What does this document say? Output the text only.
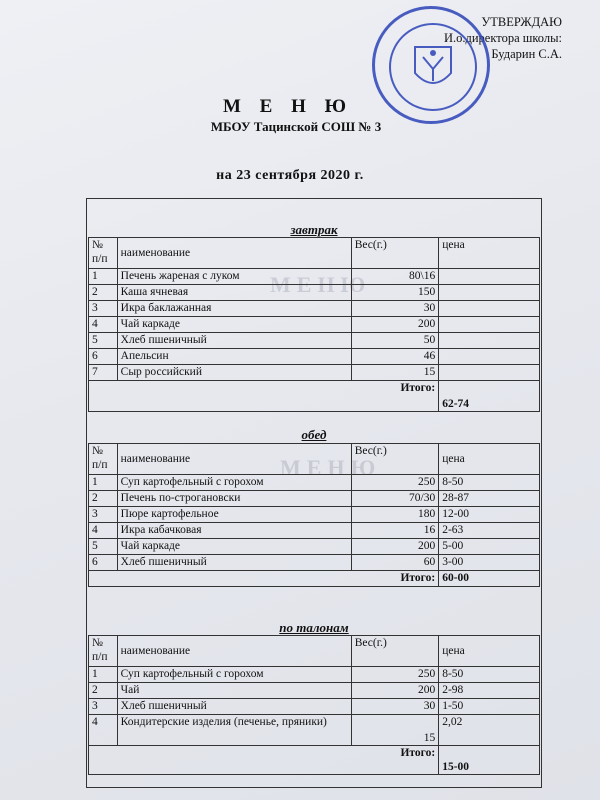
УТВЕРЖДАЮ
И.о.директора школы:
Бударин С.А.
М Е Н Ю
МБОУ Тацинской СОШ № 3
на 23 сентября 2020 г.
МЕНЮ
МЕНЮ
завтрак
№ п/п	наименование	Вес(г.)	цена
1	Печень жареная с луком	80\16	
2	Каша ячневая	150	
3	Икра баклажанная	30	
4	Чай каркаде	200	
5	Хлеб пшеничный	50	
6	Апельсин	46	
7	Сыр российский	15	
Итого:			62-74
обед
№ п/п	наименование	Вес(г.)	цена
1	Суп картофельный с горохом	250	8-50
2	Печень по-строгановски	70/30	28-87
3	Пюре картофельное	180	12-00
4	Икра кабачковая	16	2-63
5	Чай каркаде	200	5-00
6	Хлеб пшеничный	60	3-00
Итого:			60-00
по талонам
№ п/п	наименование	Вес(г.)	цена
1	Суп картофельный с горохом	250	8-50
2	Чай	200	2-98
3	Хлеб пшеничный	30	1-50
4	Кондитерские изделия (печенье, пряники)	15	2,02
Итого:			15-00
